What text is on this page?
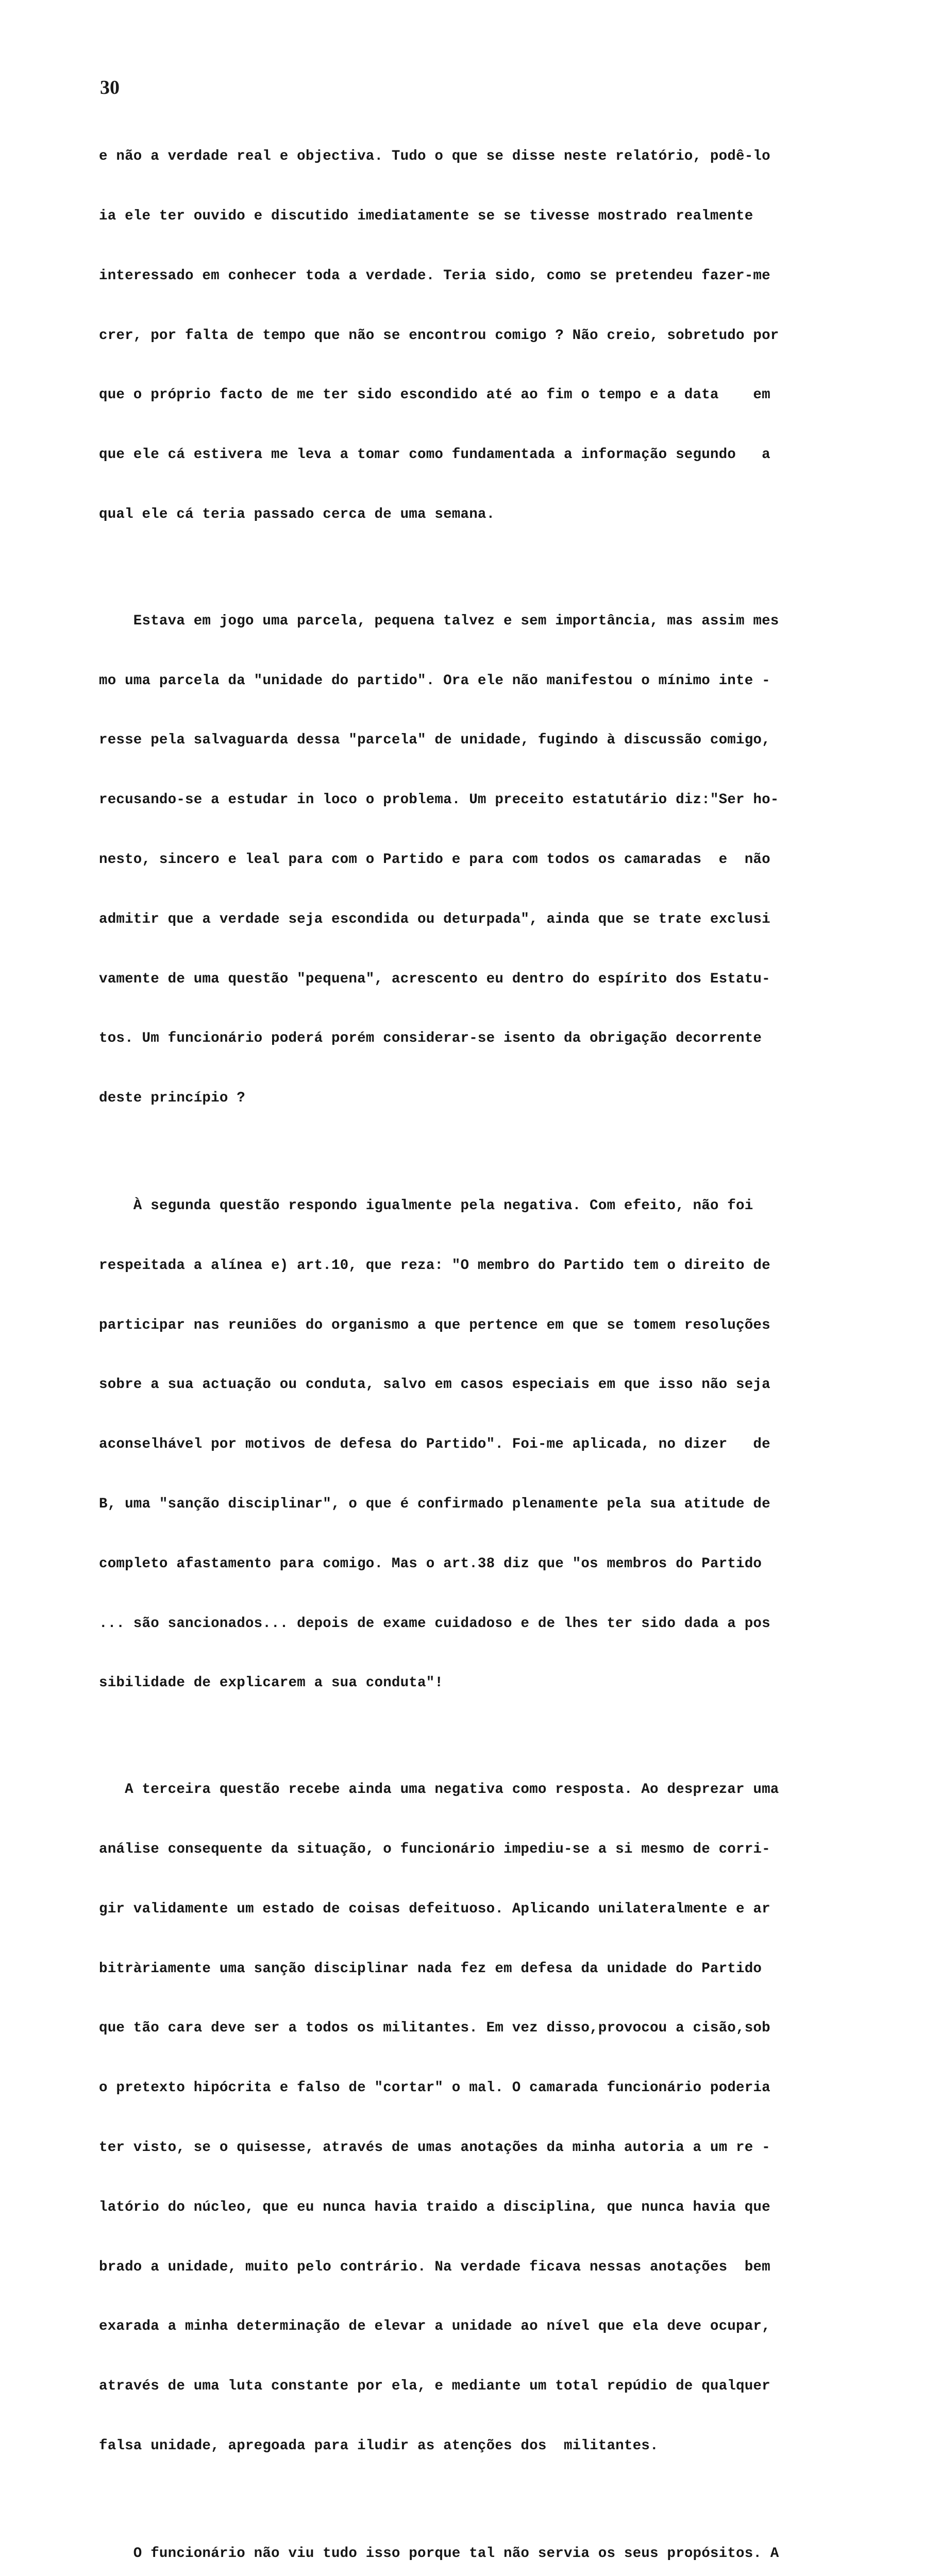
30

e não a verdade real e objectiva. Tudo o que se disse neste relatório, podê-lo

ia ele ter ouvido e discutido imediatamente se se tivesse mostrado realmente

interessado em conhecer toda a verdade. Teria sido, como se pretendeu fazer-me

crer, por falta de tempo que não se encontrou comigo ? Não creio, sobretudo por

que o próprio facto de me ter sido escondido até ao fim o tempo e a data    em

que ele cá estivera me leva a tomar como fundamentada a informação segundo   a

qual ele cá teria passado cerca de uma semana.

Estava em jogo uma parcela, pequena talvez e sem importância, mas assim mes

mo uma parcela da "unidade do partido". Ora ele não manifestou o mínimo inte -

resse pela salvaguarda dessa "parcela" de unidade, fugindo à discussão comigo,

recusando-se a estudar in loco o problema. Um preceito estatutário diz:"Ser ho-

nesto, sincero e leal para com o Partido e para com todos os camaradas  e  não

admitir que a verdade seja escondida ou deturpada", ainda que se trate exclusi

vamente de uma questão "pequena", acrescento eu dentro do espírito dos Estatu-

tos. Um funcionário poderá porém considerar-se isento da obrigação decorrente

deste princípio ?

À segunda questão respondo igualmente pela negativa. Com efeito, não foi

respeitada a alínea e) art.10, que reza: "O membro do Partido tem o direito de

participar nas reuniões do organismo a que pertence em que se tomem resoluções

sobre a sua actuação ou conduta, salvo em casos especiais em que isso não seja

aconselhável por motivos de defesa do Partido". Foi-me aplicada, no dizer   de

B, uma "sanção disciplinar", o que é confirmado plenamente pela sua atitude de

completo afastamento para comigo. Mas o art.38 diz que "os membros do Partido

... são sancionados... depois de exame cuidadoso e de lhes ter sido dada a pos

sibilidade de explicarem a sua conduta"!

A terceira questão recebe ainda uma negativa como resposta. Ao desprezar uma

análise consequente da situação, o funcionário impediu-se a si mesmo de corri-

gir validamente um estado de coisas defeituoso. Aplicando unilateralmente e ar

bitràriamente uma sanção disciplinar nada fez em defesa da unidade do Partido

que tão cara deve ser a todos os militantes. Em vez disso,provocou a cisão,sob

o pretexto hipócrita e falso de "cortar" o mal. O camarada funcionário poderia

ter visto, se o quisesse, através de umas anotações da minha autoria a um re -

latório do núcleo, que eu nunca havia traido a disciplina, que nunca havia que

brado a unidade, muito pelo contrário. Na verdade ficava nessas anotações  bem

exarada a minha determinação de elevar a unidade ao nível que ela deve ocupar,

através de uma luta constante por ela, e mediante um total repúdio de qualquer

falsa unidade, apregoada para iludir as atenções dos  militantes.

O funcionário não viu tudo isso porque tal não servia os seus propósitos. A
